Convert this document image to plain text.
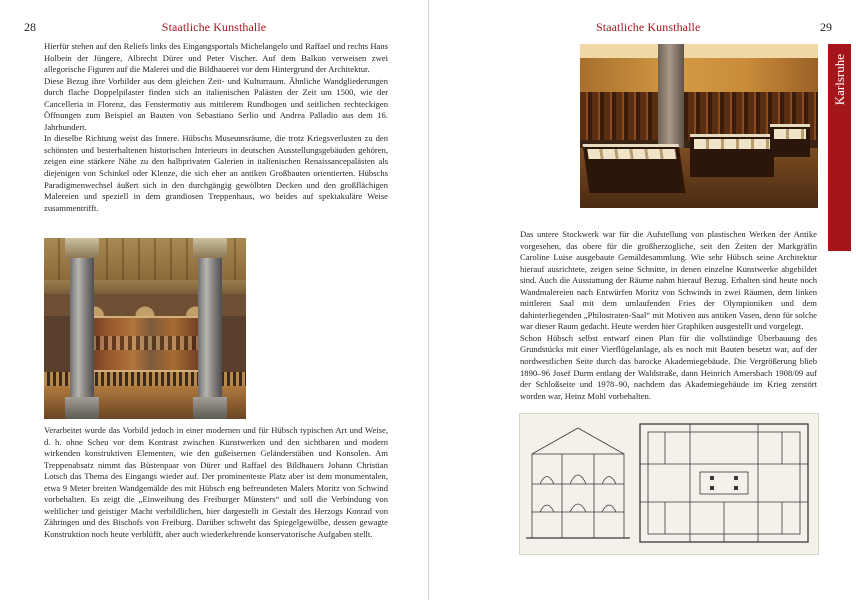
28	Staatliche Kunsthalle

Hierfür stehen auf den Reliefs links des Eingangsportals Michelangelo und Raffael und rechts Hans Holbein der Jüngere, Albrecht Dürer und Peter Vischer. Auf dem Balkon verweisen zwei allegorische Figuren auf die Malerei und die Bildhauerei vor dem Hintergrund der Architektur.

Diese Bezug ihre Vorbilder aus dem gleichen Zeit- und Kulturraum. Ähnliche Wandgliederungen durch flache Doppelpilaster finden sich an italienischen Palästen der Zeit um 1500, wie der Cancelleria in Florenz, das Fenstermotiv aus mittlerem Rundbogen und seitlichen rechteckigen Öffnungen zum Beispiel an Bauten von Sebastiano Serlio und Andrea Palladio aus dem 16. Jahrhundert.

In dieselbe Richtung weist das Innere. Hübschs Museumsräume, die trotz Kriegsverlusten zu den schönsten und besterhaltenen historischen Interieurs in deutschen Ausstellungsgebäuden gehören, zeigen eine stärkere Nähe zu den halbprivaten Galerien in italienischen Renaissancepalästen als diejenigen von Schinkel oder Klenze, die sich eher an antiken Großbauten orientierten. Hübschs Paradigmenwechsel äußert sich in den durchgängig gewölbten Decken und den großflächigen Malereien und speziell in dem grandiosen Treppenhaus, wo beides auf spektakuläre Weise zusammentrifft.

Verarbeitet wurde das Vorbild jedoch in einer modernen und für Hübsch typischen Art und Weise, d. h. ohne Scheu vor dem Kontrast zwischen Kunstwerken und den sichtbaren und modern wirkenden konstruktiven Elementen, wie den gußeisernen Geländerstäben und Konsolen. Am Treppenabsatz nimmt das Büstenpaar von Dürer und Raffael des Bildhauers Johann Christian Lotsch das Thema des Eingangs wieder auf. Der prominenteste Platz aber ist dem monumentalen, etwa 9 Meter breiten Wandgemälde des mit Hübsch eng befreundeten Malers Moritz von Schwind vorbehalten. Es zeigt die „Einweihung des Freiburger Münsters“ und soll die Verbindung von weltlicher und geistiger Macht verbildlichen, hier dargestellt in Gestalt des Herzogs Konrad von Zähringen und des Bischofs von Freiburg. Darüber schwebt das Spiegelgewölbe, dessen gewagte Konstruktion noch heute verblüfft, aber auch wiederkehrende konservatorische Aufgaben stellt.

Staatliche Kunsthalle	29
Karlsruhe

Das untere Stockwerk war für die Aufstellung von plastischen Werken der Antike vorgesehen, das obere für die großherzogliche, seit den Zeiten der Markgräfin Caroline Luise ausgebaute Gemäldesammlung. Wie sehr Hübsch seine Architektur hierauf ausrichtete, zeigen seine Schnitte, in denen einzelne Kunstwerke abgebildet sind. Auch die Ausstattung der Räume nahm hierauf Bezug. Erhalten sind heute noch Wandmalereien nach Entwürfen Moritz von Schwinds in zwei Räumen, dem linken mittleren Saal mit dem umlaufenden Fries der Olympioniken und dem dahinterliegenden „Philostraten-Saal“ mit Motiven aus antiken Vasen, denn für solche war dieser Raum gedacht. Heute werden hier Graphiken ausgestellt und vorgelegt.

Schon Hübsch selbst entwarf einen Plan für die vollständige Überbauung des Grundstücks mit einer Vierflügelanlage, als es noch mit Bauten besetzt war, auf der nordwestlichen Seite durch das barocke Akademiegebäude. Die Vergrößerung blieb 1890–96 Josef Durm entlang der Waldstraße, dann Heinrich Amersbach 1908/09 auf der Schloßseite und 1978–90, nachdem das Akademiegebäude im Krieg zerstört worden war, Heinz Mohl vorbehalten.
